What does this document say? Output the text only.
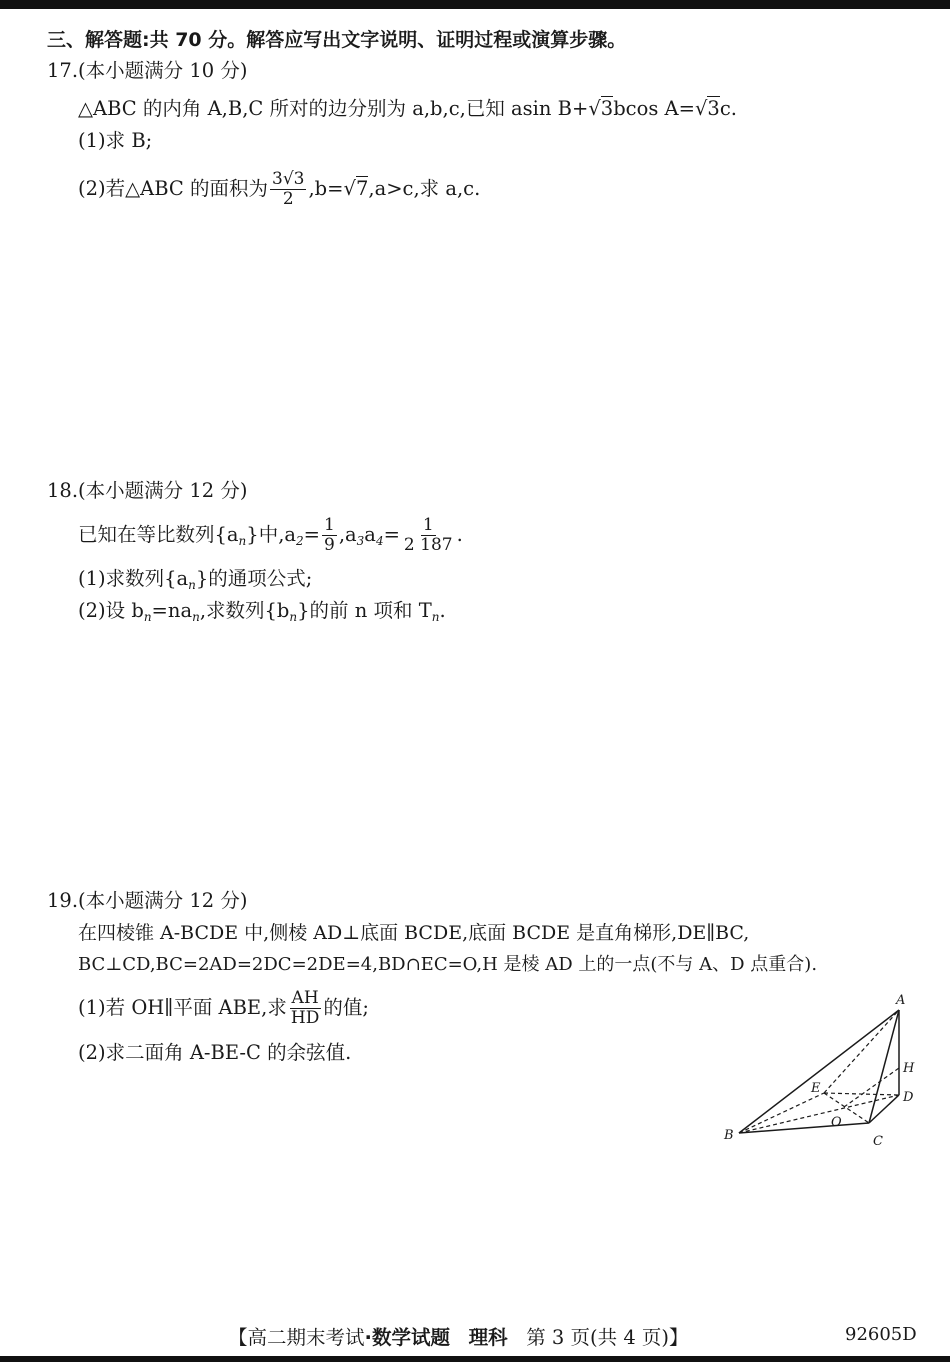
三、解答题:共 70 分。解答应写出文字说明、证明过程或演算步骤。
17.(本小题满分 10 分)
△ABC 的内角 A,B,C 所对的边分别为 a,b,c,已知 asin B+√3bcos A=√3c.
(1)求 B;
(2)若△ABC 的面积为 $\frac{3√3}{2} ,b=√7,a>c$,求 a,c.
18.(本小题满分 12 分)
已知在等比数列$\{a_n\}$中$,a_2= \frac{1}{9} ,a_3a_4= \frac{1}{2 187}$ .
(1)求数列$\{a_n\}$的通项公式;
(2)设 $b_n=na_n$,求数列$\{b_n\}$的前 n 项和 $T_n$.
19.(本小题满分 12 分)
在四棱锥 A-BCDE 中,侧棱 AD⊥底面 BCDE,底面 BCDE 是直角梯形,DE∥BC,
BC⊥CD,BC=2AD=2DC=2DE=4,BD∩EC=O,H 是棱 AD 上的一点(不与 A、D 点重合).
(1)若 OH∥平面 ABE,求 $\frac{AH}{HD}$ 的值;
(2)求二面角 A-BE-C 的余弦值.
A
B	C
D
E
H
O
【高二期末考试·数学试题 理科 第 3 页(共 4 页)】	92605D
